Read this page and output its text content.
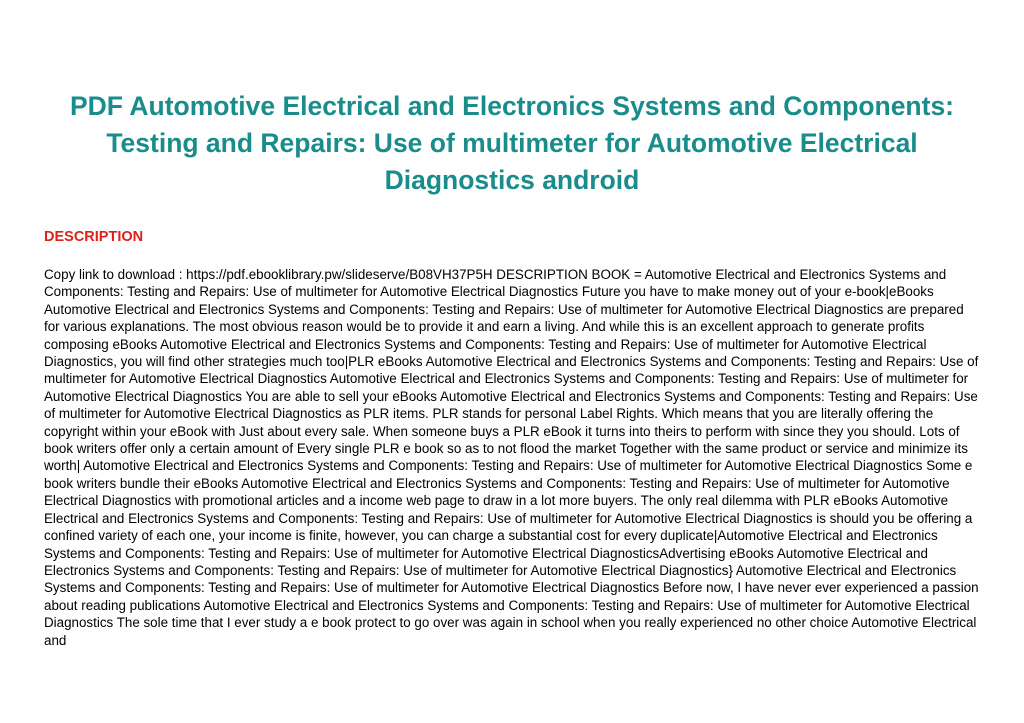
PDF Automotive Electrical and Electronics Systems and Components: Testing and Repairs: Use of multimeter for Automotive Electrical Diagnostics android
DESCRIPTION

Copy link to download : https://pdf.ebooklibrary.pw/slideserve/B08VH37P5H DESCRIPTION BOOK = Automotive Electrical and Electronics Systems and Components: Testing and Repairs: Use of multimeter for Automotive Electrical Diagnostics Future you have to make money out of your e-book|eBooks Automotive Electrical and Electronics Systems and Components: Testing and Repairs: Use of multimeter for Automotive Electrical Diagnostics are prepared for various explanations. The most obvious reason would be to provide it and earn a living. And while this is an excellent approach to generate profits composing eBooks Automotive Electrical and Electronics Systems and Components: Testing and Repairs: Use of multimeter for Automotive Electrical Diagnostics, you will find other strategies much too|PLR eBooks Automotive Electrical and Electronics Systems and Components: Testing and Repairs: Use of multimeter for Automotive Electrical Diagnostics Automotive Electrical and Electronics Systems and Components: Testing and Repairs: Use of multimeter for Automotive Electrical Diagnostics You are able to sell your eBooks Automotive Electrical and Electronics Systems and Components: Testing and Repairs: Use of multimeter for Automotive Electrical Diagnostics as PLR items. PLR stands for personal Label Rights. Which means that you are literally offering the copyright within your eBook with Just about every sale. When someone buys a PLR eBook it turns into theirs to perform with since they you should. Lots of book writers offer only a certain amount of Every single PLR e book so as to not flood the market Together with the same product or service and minimize its worth| Automotive Electrical and Electronics Systems and Components: Testing and Repairs: Use of multimeter for Automotive Electrical Diagnostics Some e book writers bundle their eBooks Automotive Electrical and Electronics Systems and Components: Testing and Repairs: Use of multimeter for Automotive Electrical Diagnostics with promotional articles and a income web page to draw in a lot more buyers. The only real dilemma with PLR eBooks Automotive Electrical and Electronics Systems and Components: Testing and Repairs: Use of multimeter for Automotive Electrical Diagnostics is should you be offering a confined variety of each one, your income is finite, however, you can charge a substantial cost for every duplicate|Automotive Electrical and Electronics Systems and Components: Testing and Repairs: Use of multimeter for Automotive Electrical DiagnosticsAdvertising eBooks Automotive Electrical and Electronics Systems and Components: Testing and Repairs: Use of multimeter for Automotive Electrical Diagnostics} Automotive Electrical and Electronics Systems and Components: Testing and Repairs: Use of multimeter for Automotive Electrical Diagnostics Before now, I have never ever experienced a passion about reading publications Automotive Electrical and Electronics Systems and Components: Testing and Repairs: Use of multimeter for Automotive Electrical Diagnostics The sole time that I ever study a e book protect to go over was again in school when you really experienced no other choice Automotive Electrical and
